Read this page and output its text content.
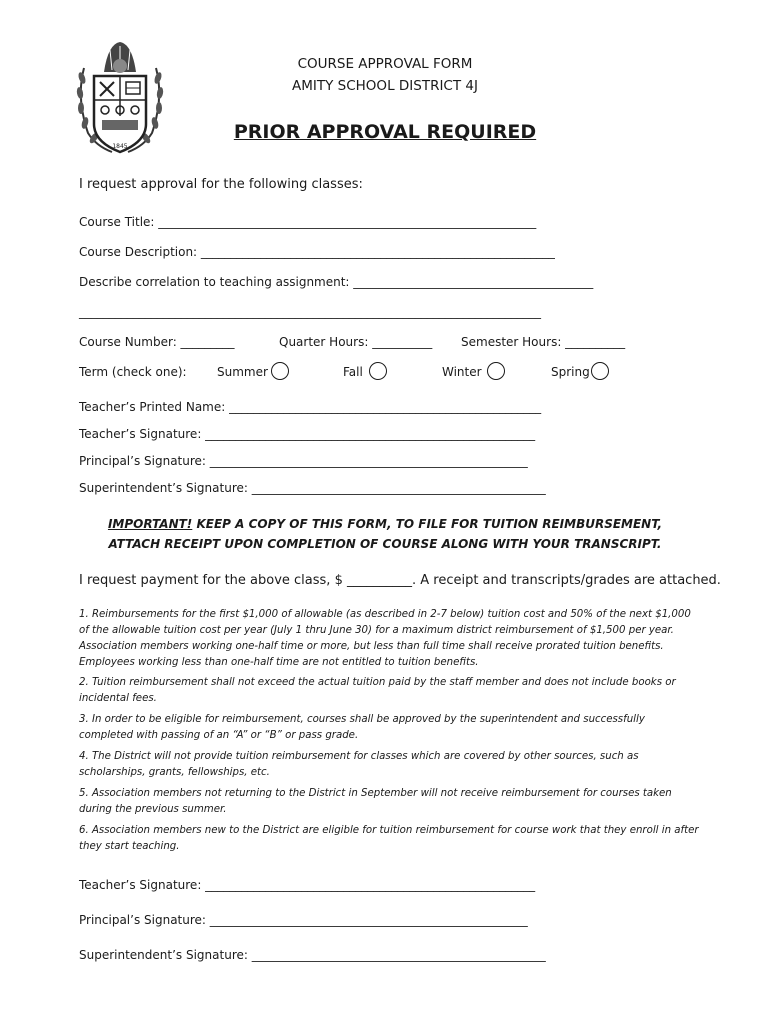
1845
COURSE APPROVAL FORM
AMITY SCHOOL DISTRICT 4J
PRIOR APPROVAL REQUIRED
I request approval for the following classes:
Course Title: _______________________________________________________________
Course Description: ___________________________________________________________
Describe correlation to teaching assignment: ________________________________________
_____________________________________________________________________________
Course Number: _________	Quarter Hours: __________ Semester Hours: __________
Term (check one):	Summer	Fall	Winter	Spring
Teacher’s Printed Name: ____________________________________________________
Teacher’s Signature: _______________________________________________________
Principal’s Signature: _____________________________________________________
Superintendent’s Signature: _________________________________________________
IMPORTANT! KEEP A COPY OF THIS FORM, TO FILE FOR TUITION REIMBURSEMENT,
ATTACH RECEIPT UPON COMPLETION OF COURSE ALONG WITH YOUR TRANSCRIPT.
I request payment for the above class, $ __________. A receipt and transcripts/grades are attached.
1. Reimbursements for the first $1,000 of allowable (as described in 2-7 below) tuition cost and 50% of the next $1,000 of the allowable tuition cost per year (July 1 thru June 30) for a maximum district reimbursement of $1,500 per year. Association members working one-half time or more, but less than full time shall receive prorated tuition benefits. Employees working less than one-half time are not entitled to tuition benefits.
2. Tuition reimbursement shall not exceed the actual tuition paid by the staff member and does not include books or incidental fees.
3. In order to be eligible for reimbursement, courses shall be approved by the superintendent and successfully completed with passing of an “A” or “B” or pass grade.
4. The District will not provide tuition reimbursement for classes which are covered by other sources, such as scholarships, grants, fellowships, etc.
5. Association members not returning to the District in September will not receive reimbursement for courses taken during the previous summer.
6. Association members new to the District are eligible for tuition reimbursement for course work that they enroll in after they start teaching.
Teacher’s Signature: _______________________________________________________
Principal’s Signature: _____________________________________________________
Superintendent’s Signature: _________________________________________________
